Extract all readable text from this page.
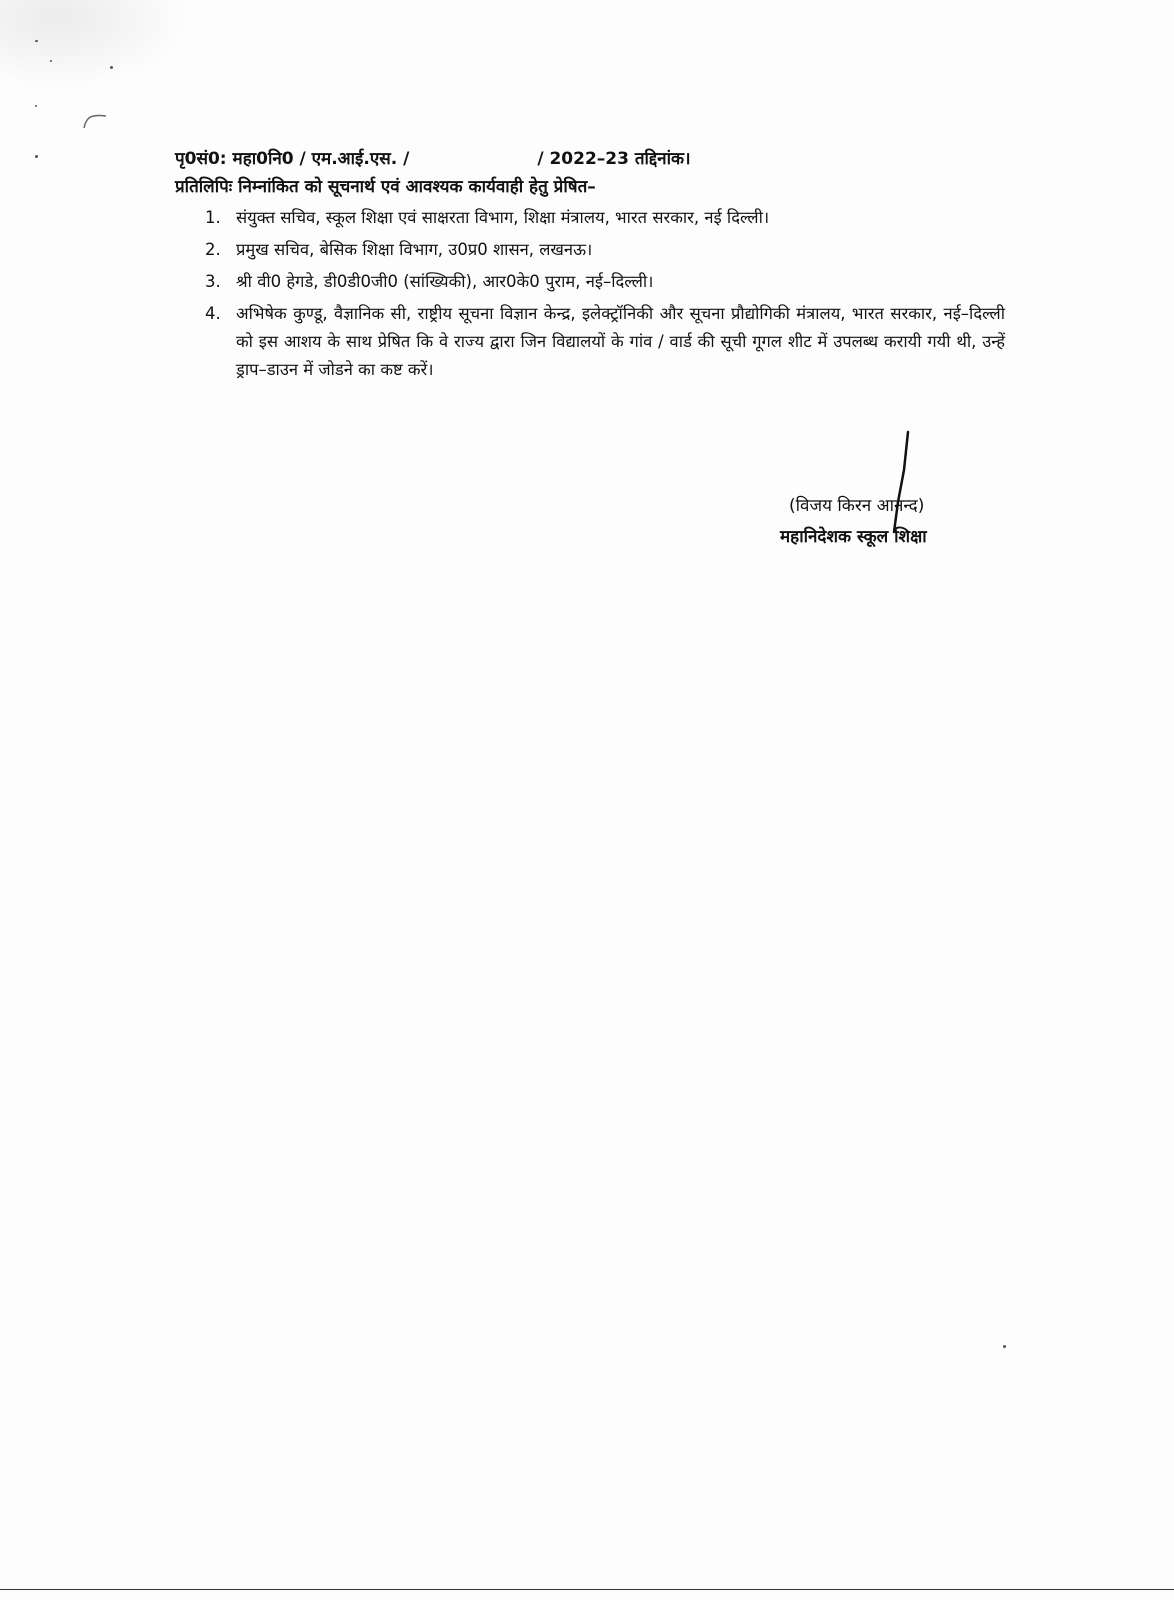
पृ0सं0: महा0नि0 / एम.आई.एस. /	/ 2022–23 तद्दिनांक।
प्रतिलिपिः निम्नांकित को सूचनार्थ एवं आवश्यक कार्यवाही हेतु प्रेषित–
1. संयुक्त सचिव, स्कूल शिक्षा एवं साक्षरता विभाग, शिक्षा मंत्रालय, भारत सरकार, नई दिल्ली।
2. प्रमुख सचिव, बेसिक शिक्षा विभाग, उ0प्र0 शासन, लखनऊ।
3. श्री वी0 हेगडे, डी0डी0जी0 (सांख्यिकी), आर0के0 पुराम, नई–दिल्ली।
4. अभिषेक कुण्डू, वैज्ञानिक सी, राष्ट्रीय सूचना विज्ञान केन्द्र, इलेक्ट्रॉनिकी और सूचना प्रौद्योगिकी मंत्रालय, भारत सरकार, नई–दिल्ली को इस आशय के साथ प्रेषित कि वे राज्य द्वारा जिन विद्यालयों के गांव / वार्ड की सूची गूगल शीट में उपलब्ध करायी गयी थी, उन्हें ड्राप–डाउन में जोडने का कष्ट करें।
(विजय किरन आनन्द)
महानिदेशक स्कूल शिक्षा
